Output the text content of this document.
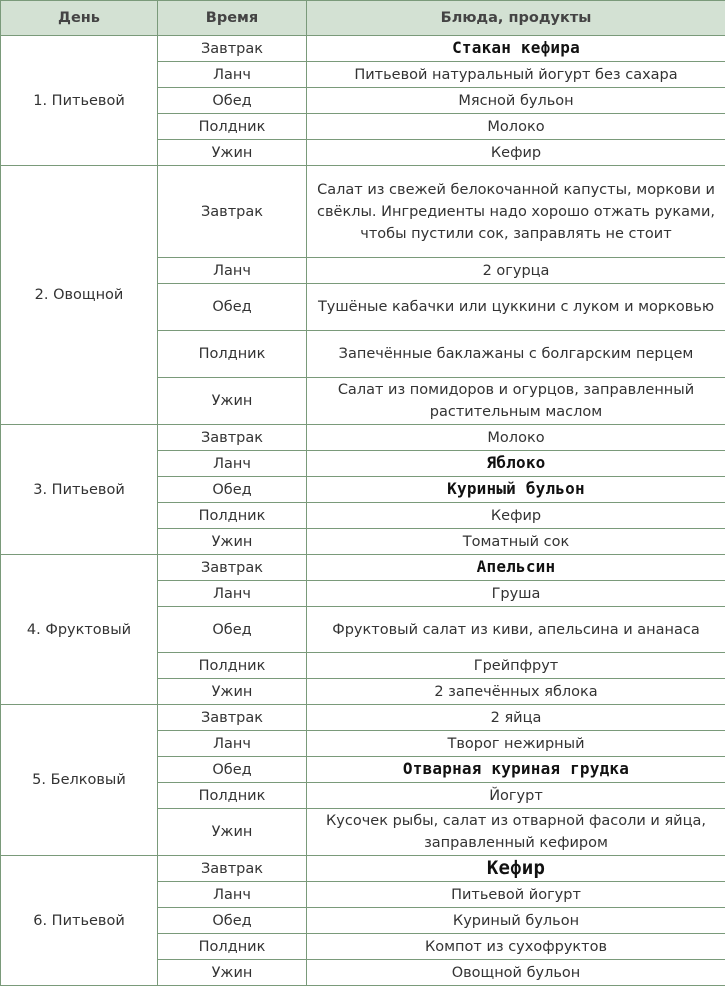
День	Время	Блюда, продукты
1. Питьевой	Завтрак	Стакан кефира
	Ланч	Питьевой натуральный йогурт без сахара
	Обед	Мясной бульон
	Полдник	Молоко
	Ужин	Кефир
2. Овощной	Завтрак	Салат из свежей белокочанной капусты, моркови и свёклы. Ингредиенты надо хорошо отжать руками, чтобы пустили сок, заправлять не стоит
	Ланч	2 огурца
	Обед	Тушёные кабачки или цуккини с луком и морковью
	Полдник	Запечённые баклажаны с болгарским перцем
	Ужин	Салат из помидоров и огурцов, заправленный растительным маслом
3. Питьевой	Завтрак	Молоко
	Ланч	Яблоко
	Обед	Куриный бульон
	Полдник	Кефир
	Ужин	Томатный сок
4. Фруктовый	Завтрак	Апельсин
	Ланч	Груша
	Обед	Фруктовый салат из киви, апельсина и ананаса
	Полдник	Грейпфрут
	Ужин	2 запечённых яблока
5. Белковый	Завтрак	2 яйца
	Ланч	Творог нежирный
	Обед	Отварная куриная грудка
	Полдник	Йогурт
	Ужин	Кусочек рыбы, салат из отварной фасоли и яйца, заправленный кефиром
6. Питьевой	Завтрак	Кефир
	Ланч	Питьевой йогурт
	Обед	Куриный бульон
	Полдник	Компот из сухофруктов
	Ужин	Овощной бульон
